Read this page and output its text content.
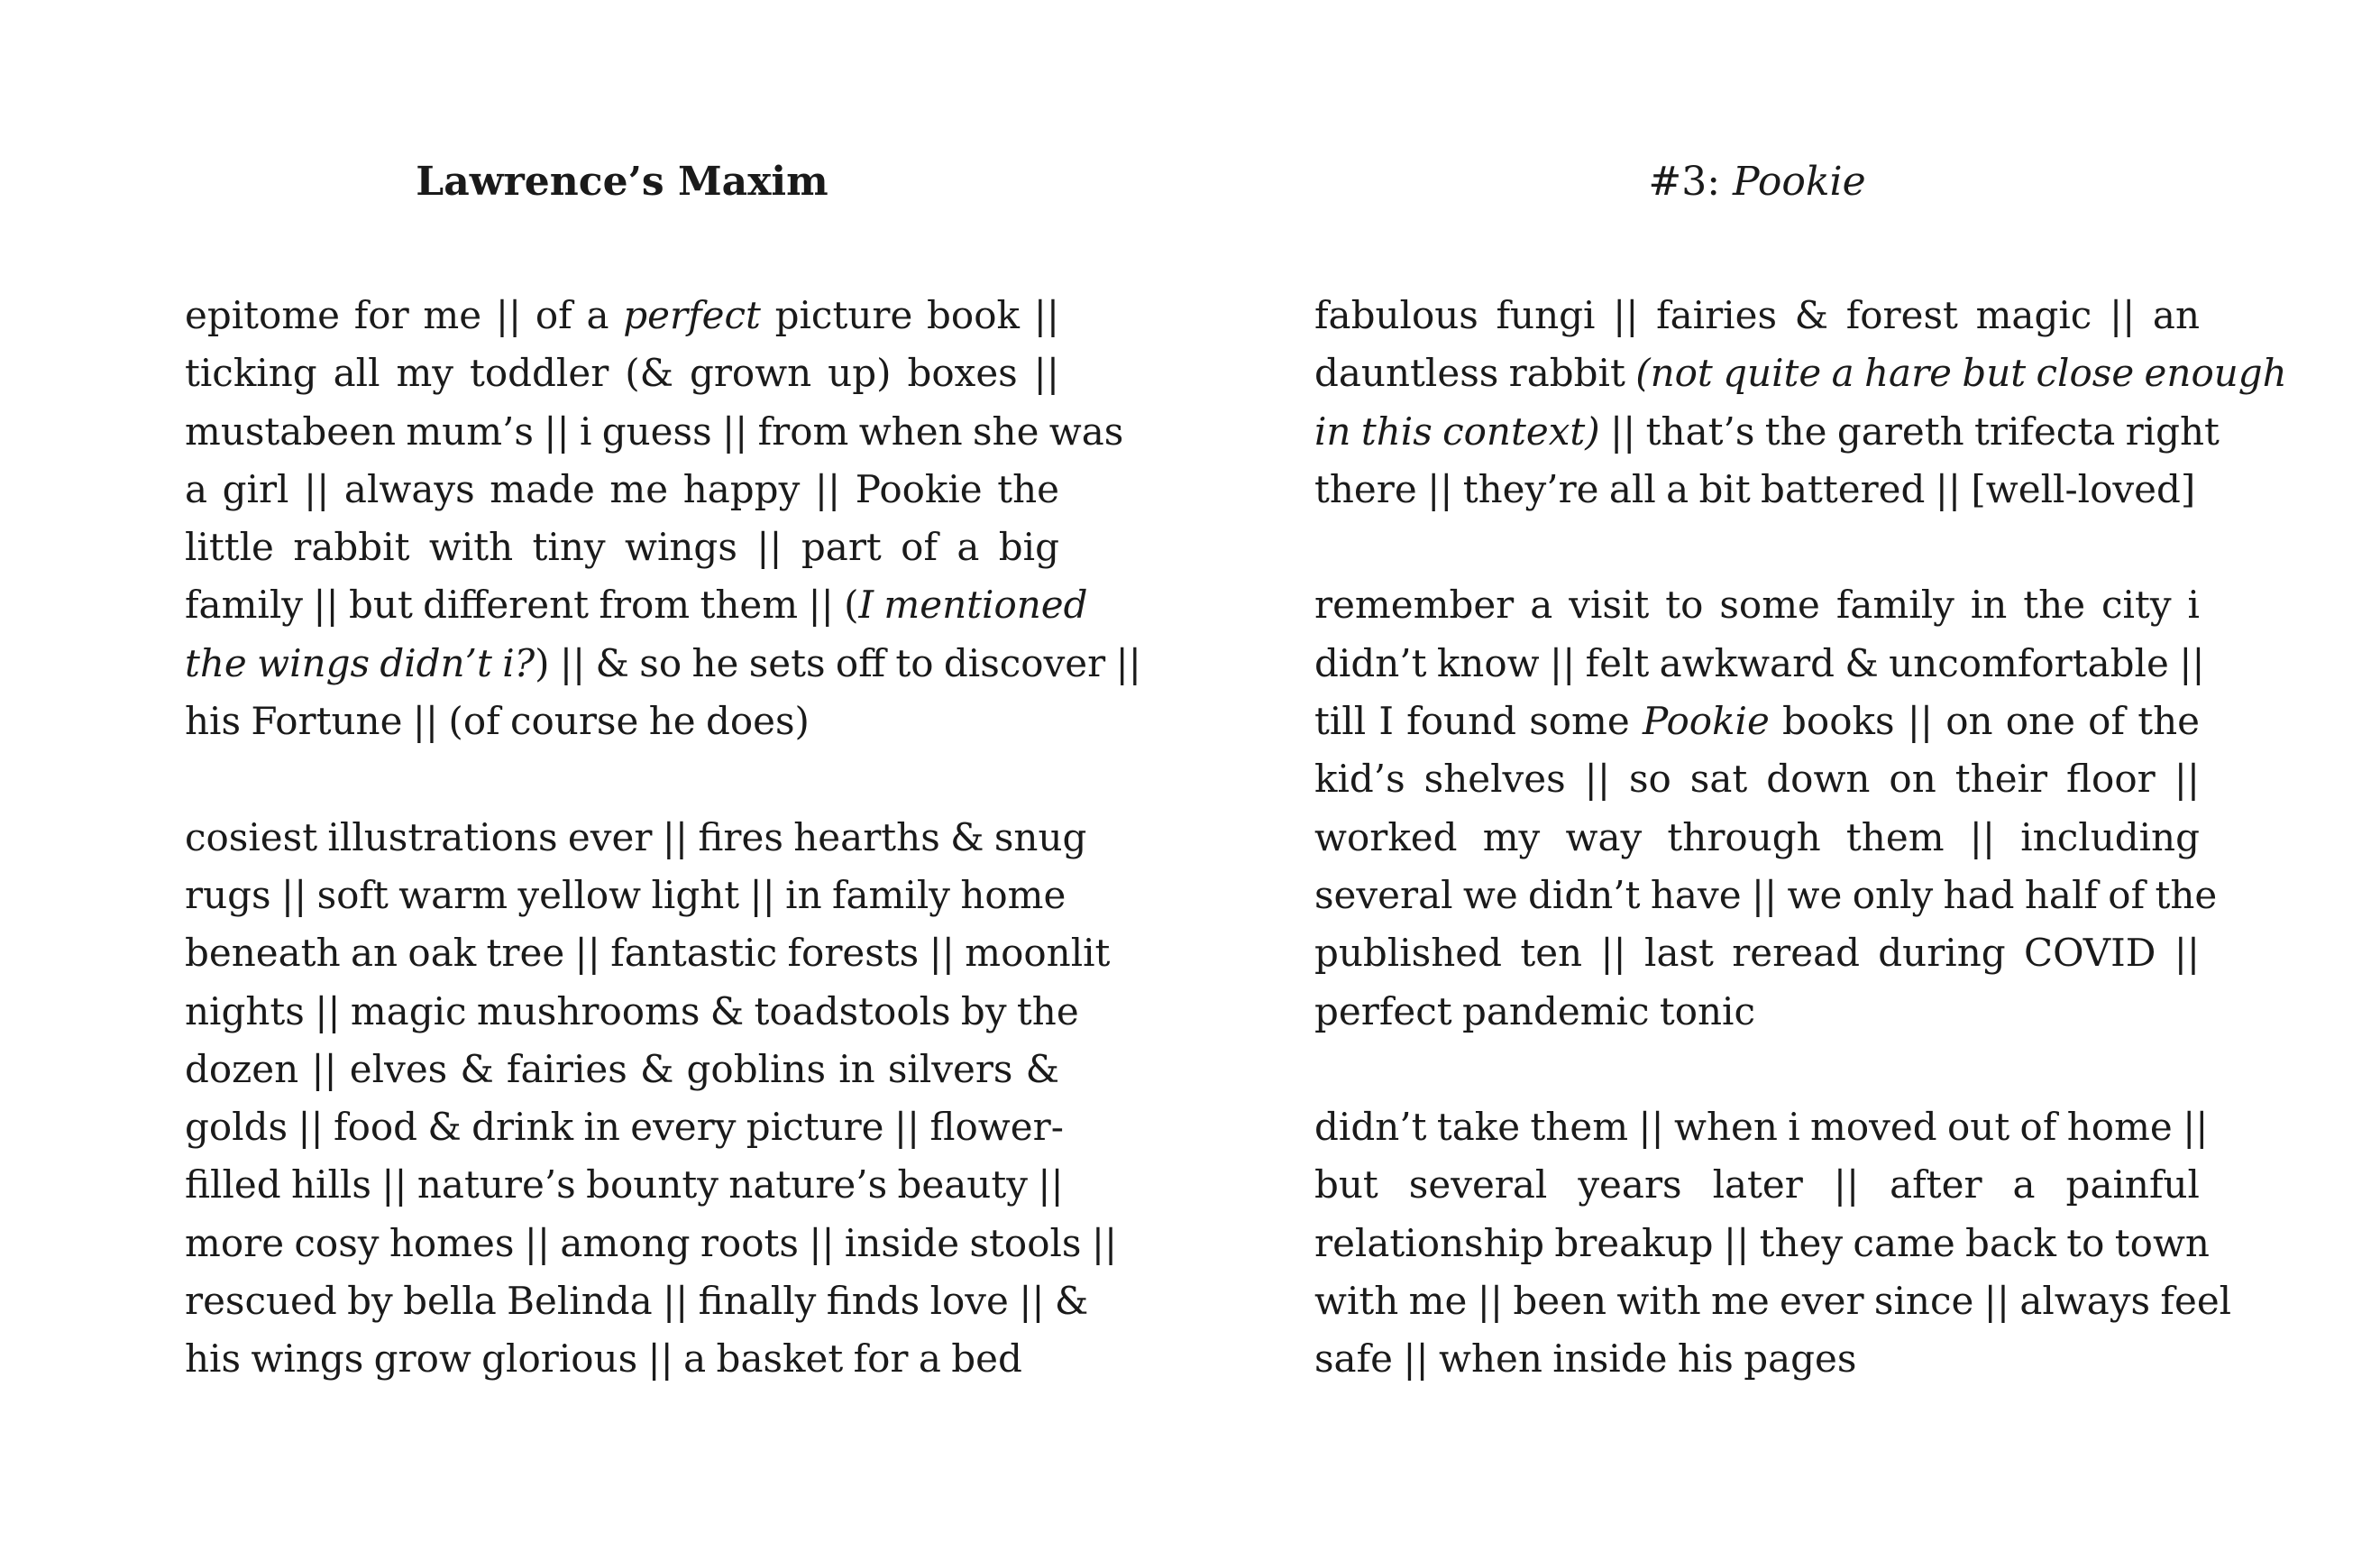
Lawrence’s Maxim

epitome for me || of a perfect picture book ||
ticking all my toddler (& grown up) boxes ||
mustabeen mum’s || i guess || from when she was
a girl || always made me happy || Pookie the
little rabbit with tiny wings || part of a big
family || but different from them || (I mentioned
the wings didn’t i?) || & so he sets off to discover ||
his Fortune || (of course he does)

cosiest illustrations ever || fires hearths & snug
rugs || soft warm yellow light || in family home
beneath an oak tree || fantastic forests || moonlit
nights || magic mushrooms & toadstools by the
dozen || elves & fairies & goblins in silvers &
golds || food & drink in every picture || flower-
filled hills || nature’s bounty nature’s beauty ||
more cosy homes || among roots || inside stools ||
rescued by bella Belinda || finally finds love || &
his wings grow glorious || a basket for a bed

#3: Pookie

fabulous fungi || fairies & forest magic || an
dauntless rabbit (not quite a hare but close enough
in this context) || that’s the gareth trifecta right
there || they’re all a bit battered || [well-loved]

remember a visit to some family in the city i
didn’t know || felt awkward & uncomfortable ||
till I found some Pookie books || on one of the
kid’s shelves || so sat down on their floor ||
worked my way through them || including
several we didn’t have || we only had half of the
published ten || last reread during COVID ||
perfect pandemic tonic

didn’t take them || when i moved out of home ||
but several years later || after a painful
relationship breakup || they came back to town
with me || been with me ever since || always feel
safe || when inside his pages
